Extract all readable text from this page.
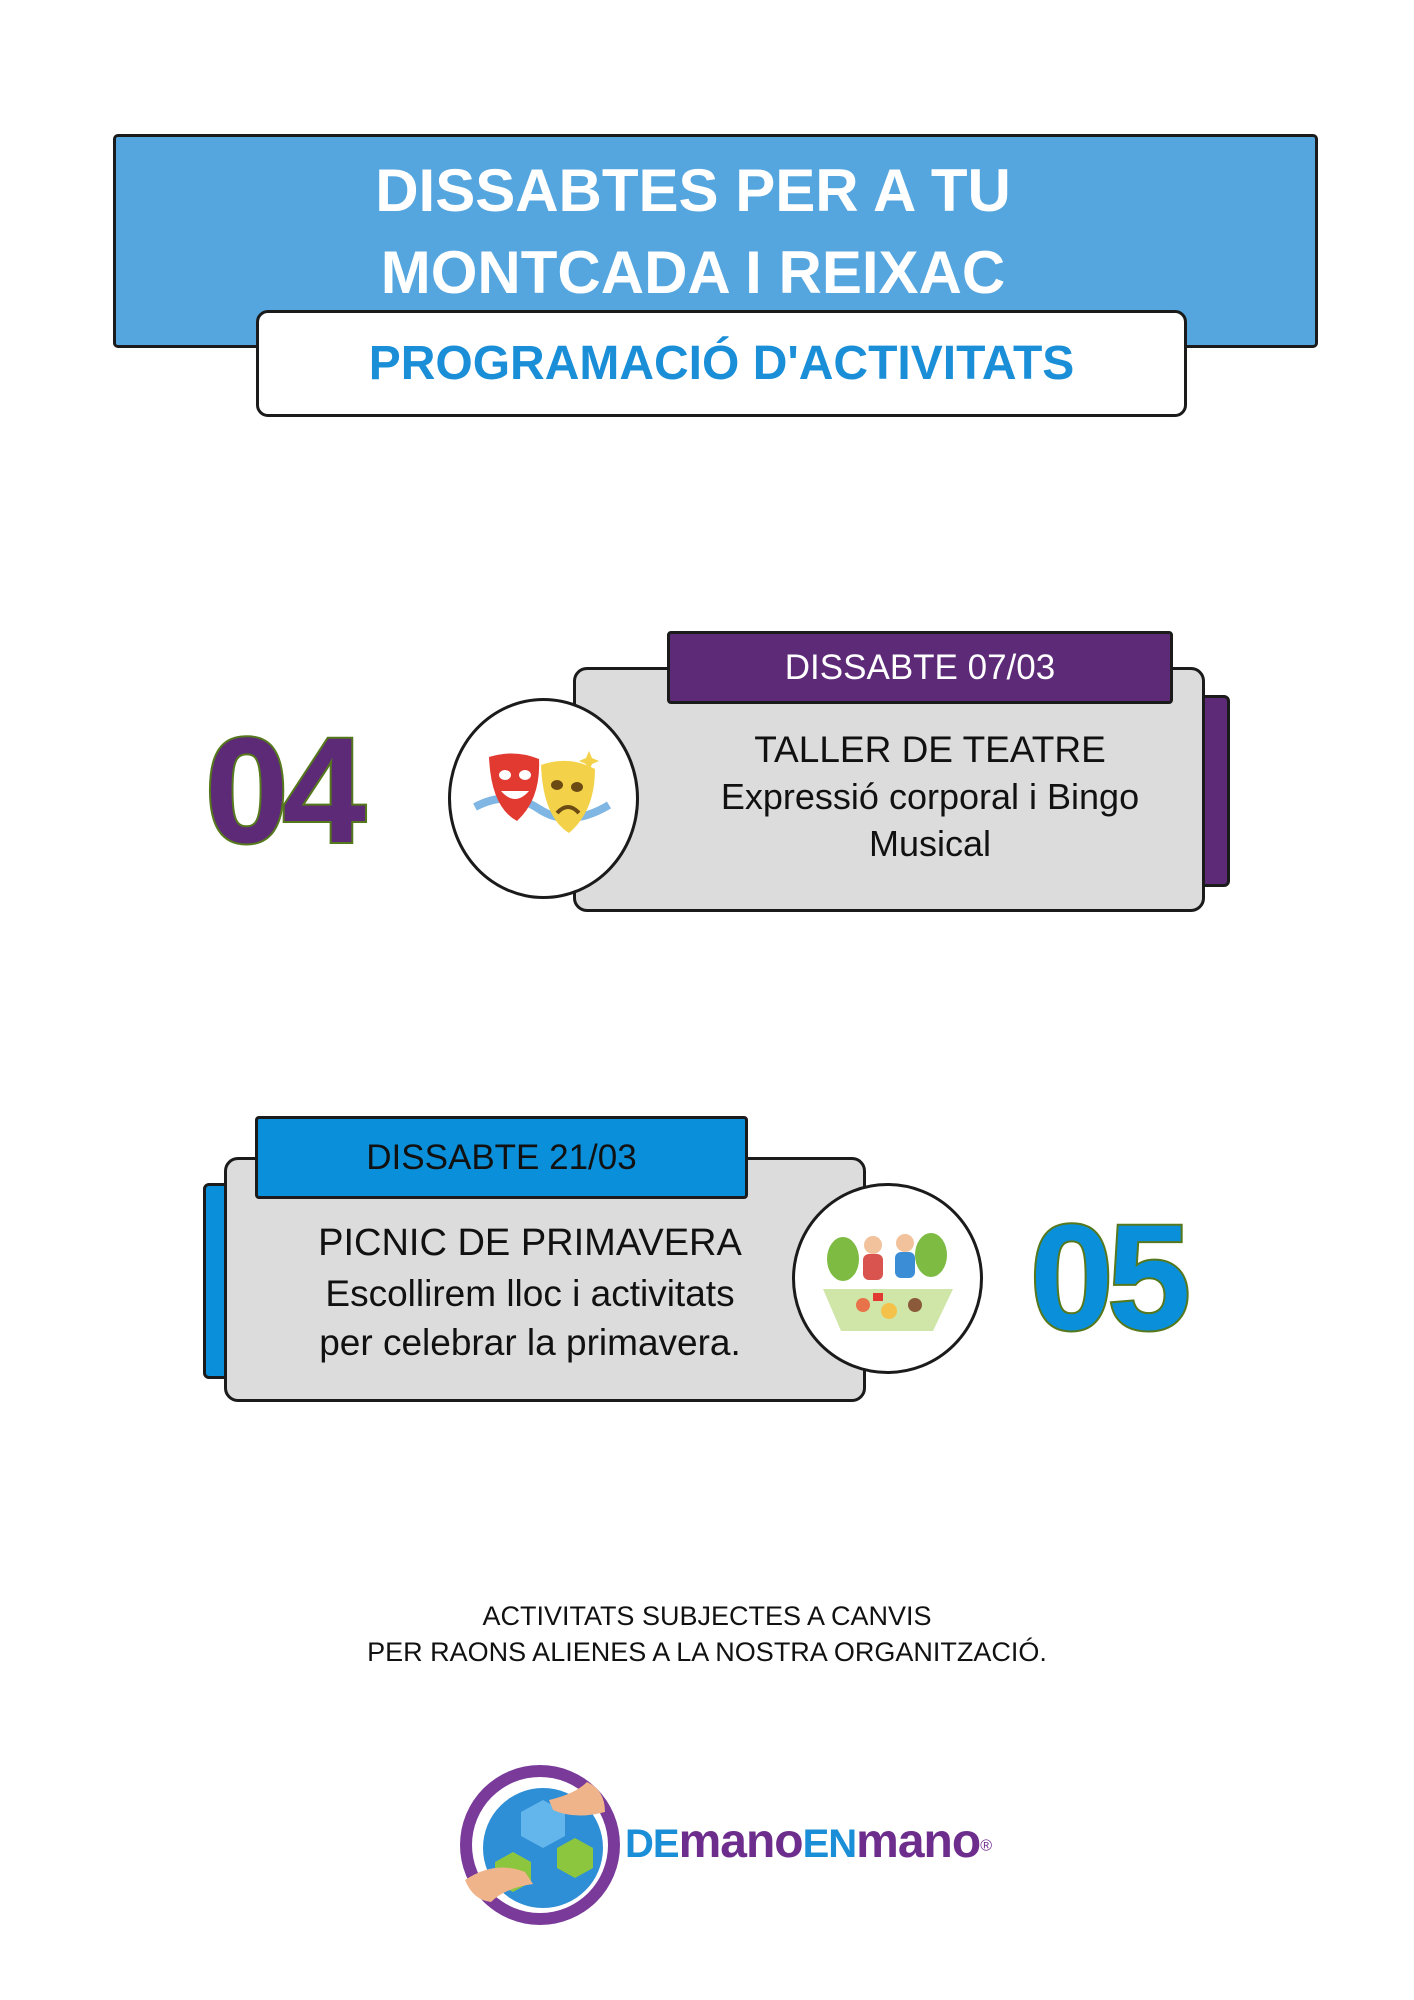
DISSABTES PER A TU
MONTCADA I REIXAC
PROGRAMACIÓ D'ACTIVITATS
04
DISSABTE 07/03
TALLER DE TEATRE
Expressió corporal i Bingo
Musical
DISSABTE 21/03
PICNIC DE PRIMAVERA
Escollirem lloc i activitats
per celebrar la primavera. 05
ACTIVITATS SUBJECTES A CANVIS
PER RAONS ALIENES A LA NOSTRA ORGANITZACIÓ.
DEmanoENmano®
